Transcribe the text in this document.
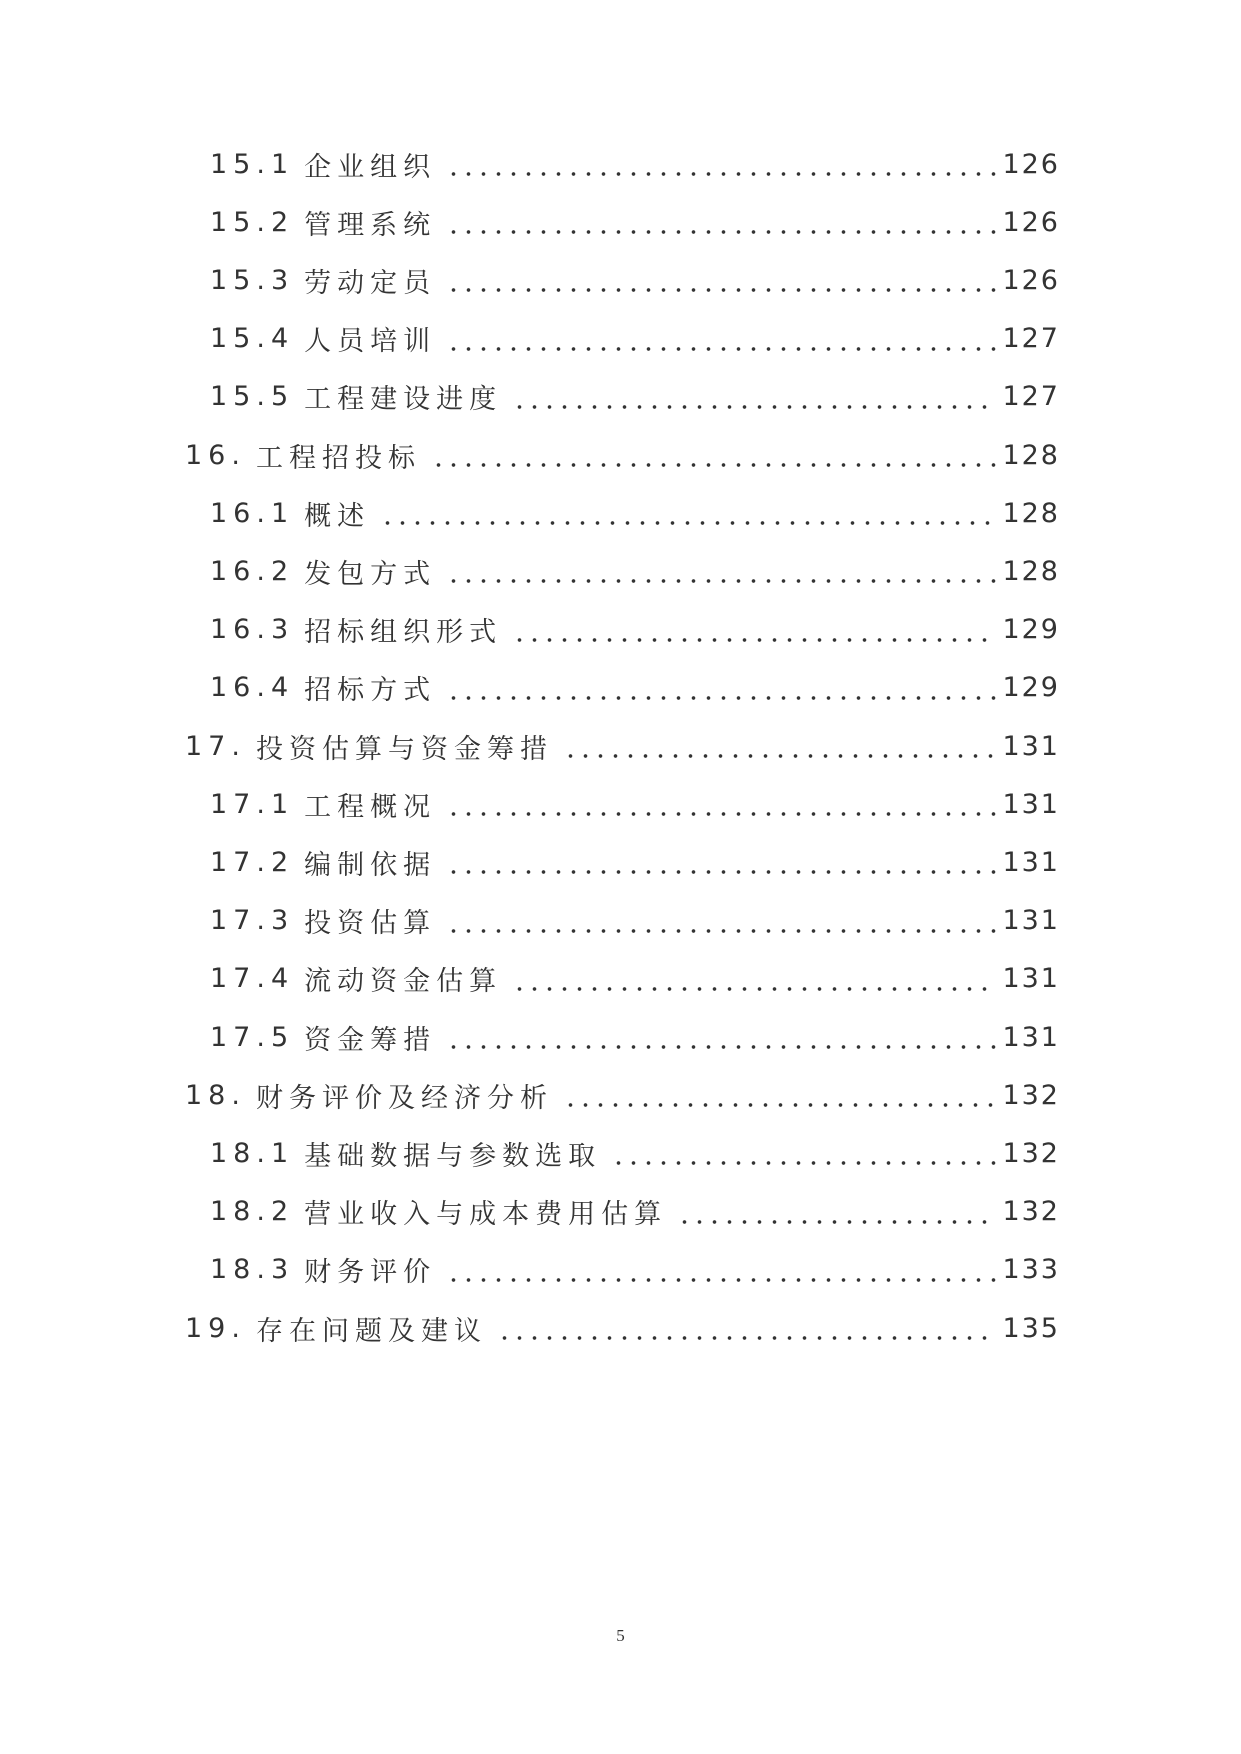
15.1 企业组织	126
15.2 管理系统	126
15.3 劳动定员	126
15.4 人员培训	127
15.5 工程建设进度	127
16. 工程招投标	128
16.1 概述	128
16.2 发包方式	128
16.3 招标组织形式	129
16.4 招标方式	129
17. 投资估算与资金筹措	131
17.1 工程概况	131
17.2 编制依据	131
17.3 投资估算	131
17.4 流动资金估算	131
17.5 资金筹措	131
18. 财务评价及经济分析	132
18.1 基础数据与参数选取	132
18.2 营业收入与成本费用估算	132
18.3 财务评价	133
19. 存在问题及建议	135
5
